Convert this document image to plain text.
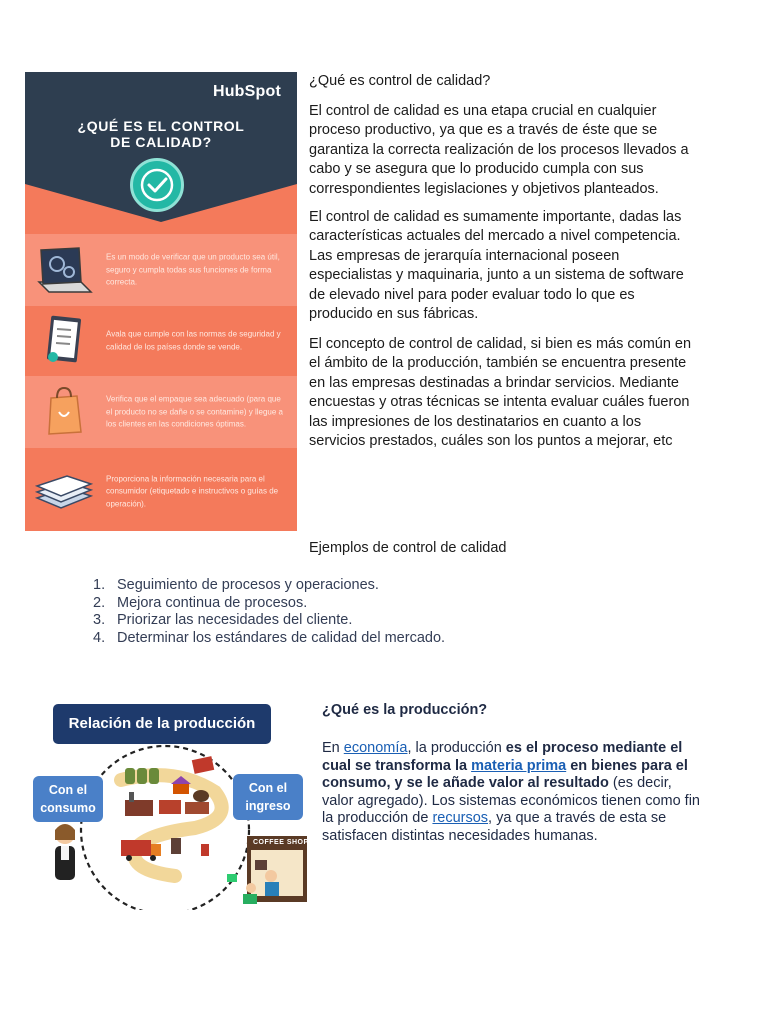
HubSpot
¿QUÉ ES EL CONTROL
DE CALIDAD?
Es un modo de verificar que un producto sea útil, seguro y cumpla todas sus funciones de forma correcta.
Avala que cumple con las normas de seguridad y calidad de los países donde se vende.
Verifica que el empaque sea adecuado (para que el producto no se dañe o se contamine) y llegue a los clientes en las condiciones óptimas.
Proporciona la información necesaria para el consumidor (etiquetado e instructivos o guías de operación).
¿Qué es control de calidad?

El control de calidad es una etapa crucial en cualquier proceso productivo, ya que es a través de éste que se garantiza la correcta realización de los procesos llevados a cabo y se asegura que lo producido cumpla con sus correspondientes legislaciones y objetivos planteados.

El control de calidad es sumamente importante, dadas las características actuales del mercado a nivel competencia. Las empresas de jerarquía internacional poseen especialistas y maquinaria, junto a un sistema de software de elevado nivel para poder evaluar todo lo que es producido en sus fábricas.

El concepto de control de calidad, si bien es más común en el ámbito de la producción, también se encuentra presente en las empresas destinadas a brindar servicios. Mediante encuestas y otras técnicas se intenta evaluar cuáles fueron las impresiones de los destinatarios en cuanto a los servicios prestados, cuáles son los puntos a mejorar, etc

Ejemplos de control de calidad
1. Seguimiento de procesos y operaciones.
2. Mejora continua de procesos.
3. Priorizar las necesidades del cliente.
4. Determinar los estándares de calidad del mercado.
Relación de la producción
Con el
consumo
Con el
ingreso
COFFEE SHOP
¿Qué es la producción?
En economía, la producción es el proceso mediante el cual se transforma la materia prima en bienes para el consumo, y se le añade valor al resultado (es decir, valor agregado). Los sistemas económicos tienen como fin la producción de recursos, ya que a través de esta se satisfacen distintas necesidades humanas.
